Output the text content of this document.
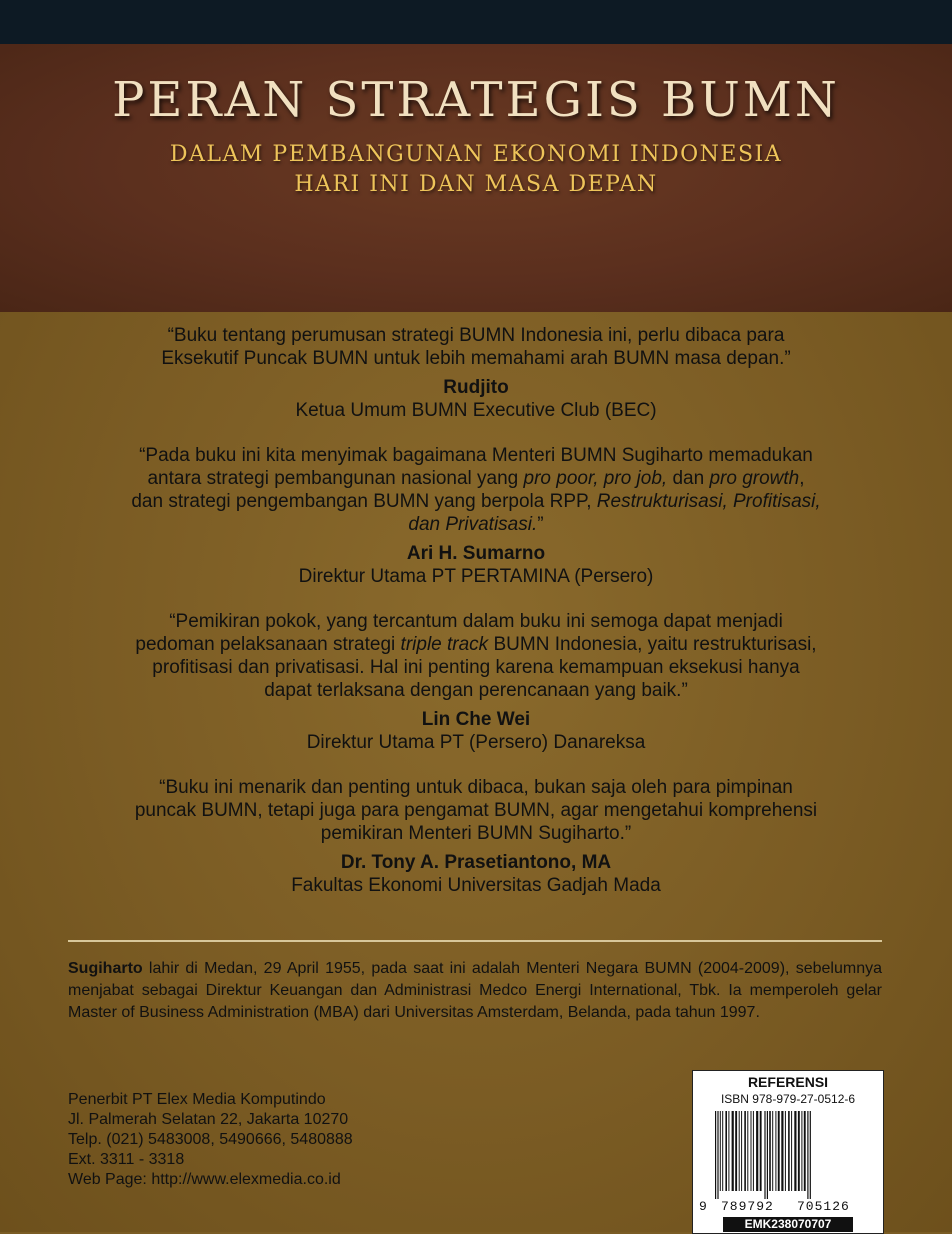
PERAN STRATEGIS BUMN
DALAM PEMBANGUNAN EKONOMI INDONESIA
HARI INI DAN MASA DEPAN
“Buku tentang perumusan strategi BUMN Indonesia ini, perlu dibaca para
Eksekutif Puncak BUMN untuk lebih memahami arah BUMN masa depan.”
Rudjito
Ketua Umum BUMN Executive Club (BEC)
“Pada buku ini kita menyimak bagaimana Menteri BUMN Sugiharto memadukan
antara strategi pembangunan nasional yang pro poor, pro job, dan pro growth,
dan strategi pengembangan BUMN yang berpola RPP, Restrukturisasi, Profitisasi,
dan Privatisasi.”
Ari H. Sumarno
Direktur Utama PT PERTAMINA (Persero)
“Pemikiran pokok, yang tercantum dalam buku ini semoga dapat menjadi
pedoman pelaksanaan strategi triple track BUMN Indonesia, yaitu restrukturisasi,
profitisasi dan privatisasi. Hal ini penting karena kemampuan eksekusi hanya
dapat terlaksana dengan perencanaan yang baik.”
Lin Che Wei
Direktur Utama PT (Persero) Danareksa
“Buku ini menarik dan penting untuk dibaca, bukan saja oleh para pimpinan
puncak BUMN, tetapi juga para pengamat BUMN, agar mengetahui komprehensi
pemikiran Menteri BUMN Sugiharto.”
Dr. Tony A. Prasetiantono, MA
Fakultas Ekonomi Universitas Gadjah Mada
Sugiharto lahir di Medan, 29 April 1955, pada saat ini adalah Menteri Negara BUMN (2004-2009), sebelumnya menjabat sebagai Direktur Keuangan dan Administrasi Medco Energi International, Tbk. Ia memperoleh gelar Master of Business Administration (MBA) dari Universitas Amsterdam, Belanda, pada tahun 1997.
Penerbit PT Elex Media Komputindo
Jl. Palmerah Selatan 22, Jakarta 10270
Telp. (021) 5483008, 5490666, 5480888
Ext. 3311 - 3318
Web Page: http://www.elexmedia.co.id
REFERENSI
ISBN 978-979-27-0512-6
9 789792 705126
EMK238070707
